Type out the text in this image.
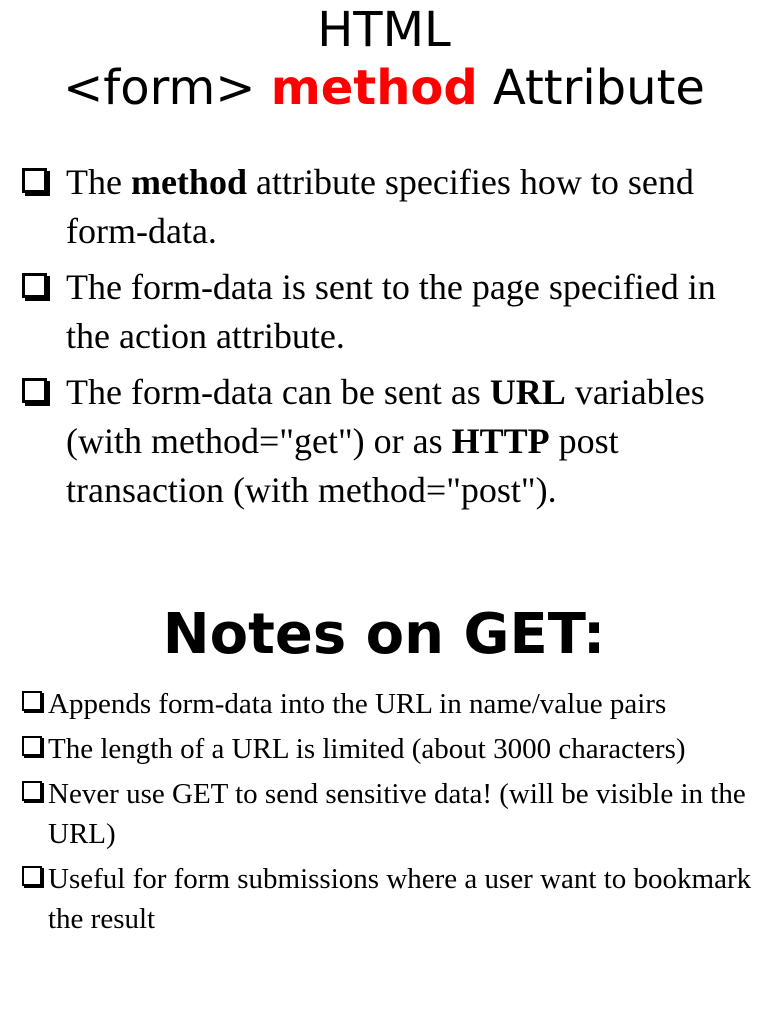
HTML
<form> method Attribute
The method attribute specifies how to send form-data.
The form-data is sent to the page specified in the action attribute.
The form-data can be sent as URL variables (with method="get") or as HTTP post transaction (with method="post").
Notes on GET:
Appends form-data into the URL in name/value pairs
The length of a URL is limited (about 3000 characters)
Never use GET to send sensitive data! (will be visible in the URL)
Useful for form submissions where a user want to bookmark the result
